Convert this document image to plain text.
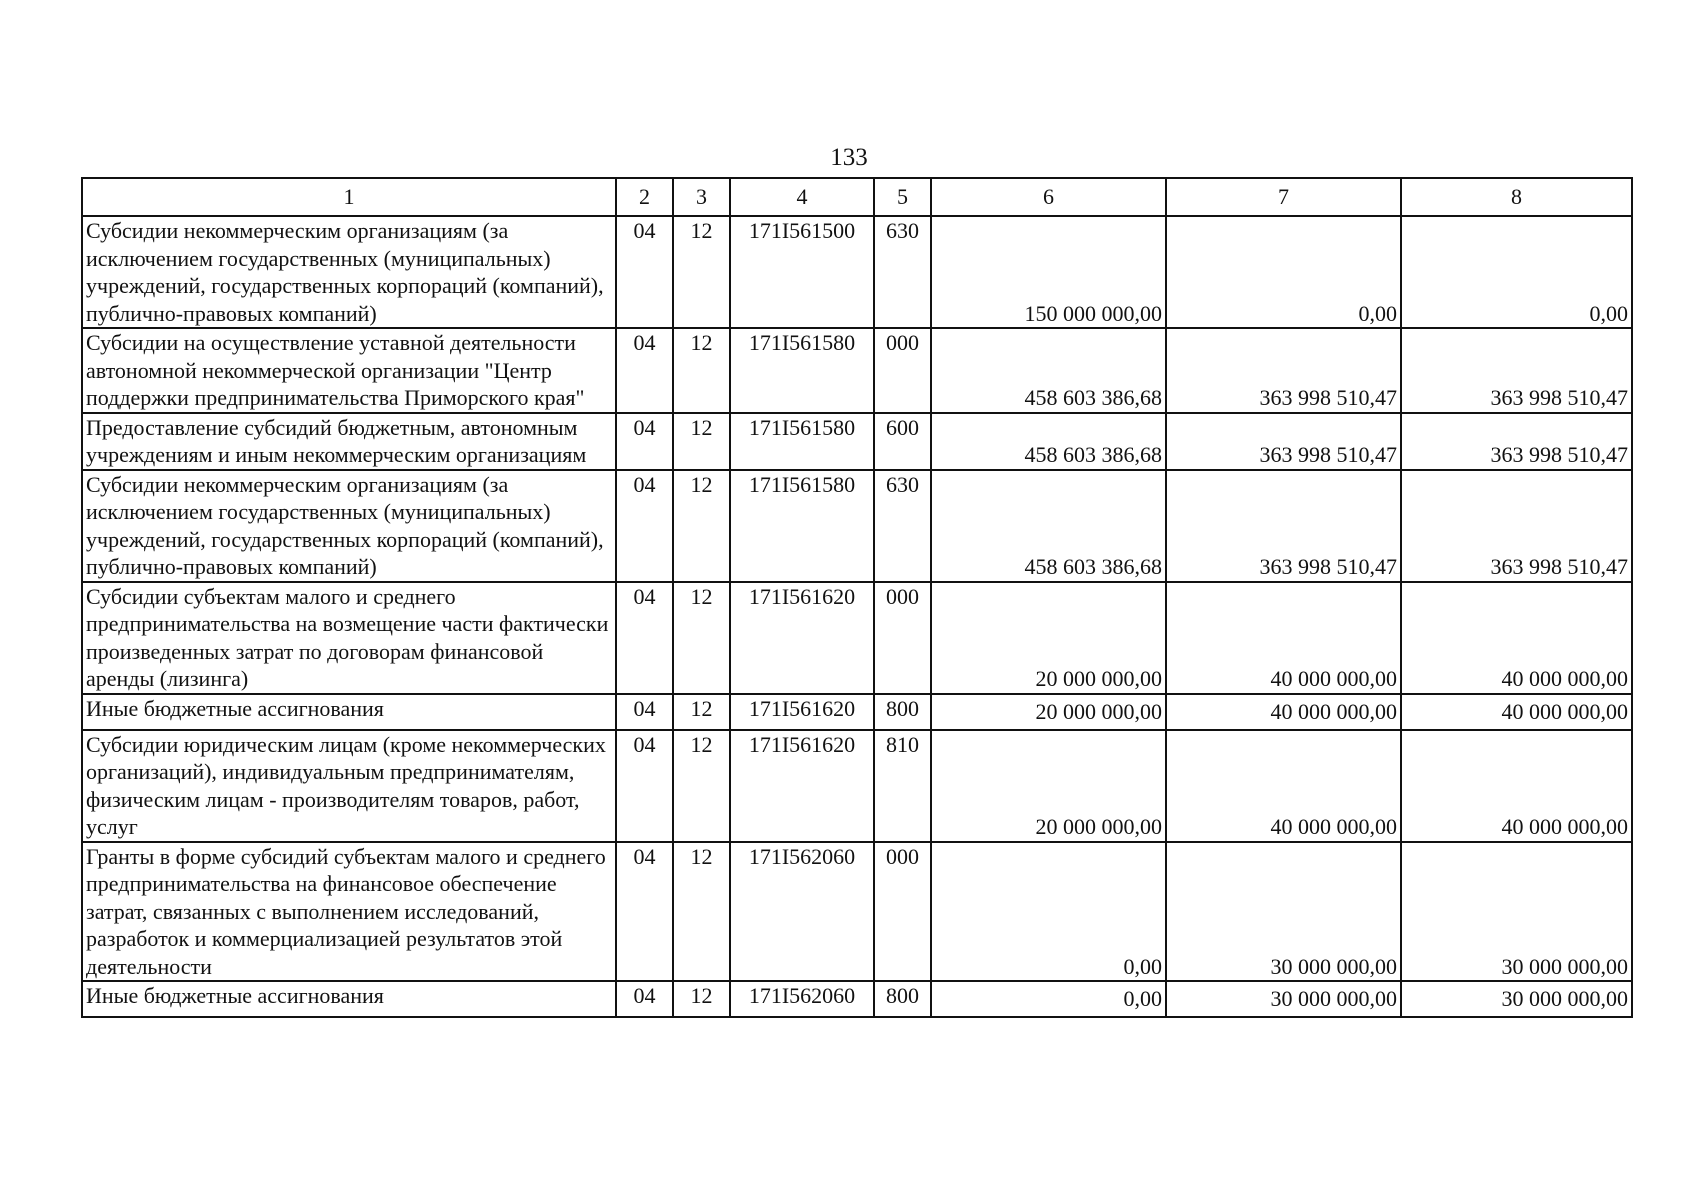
133
1	2	3	4	5	6	7	8
Субсидии некоммерческим организациям (за исключением государственных (муниципальных) учреждений, государственных корпораций (компаний), публично-правовых компаний)	04	12	171I561500	630	150 000 000,00	0,00	0,00
Субсидии на осуществление уставной деятельности автономной некоммерческой организации "Центр поддержки предпринимательства Приморского края"	04	12	171I561580	000	458 603 386,68	363 998 510,47	363 998 510,47
Предоставление субсидий бюджетным, автономным учреждениям и иным некоммерческим организациям	04	12	171I561580	600	458 603 386,68	363 998 510,47	363 998 510,47
Субсидии некоммерческим организациям (за исключением государственных (муниципальных) учреждений, государственных корпораций (компаний), публично-правовых компаний)	04	12	171I561580	630	458 603 386,68	363 998 510,47	363 998 510,47
Субсидии субъектам малого и среднего предпринимательства на возмещение части фактически произведенных затрат по договорам финансовой аренды (лизинга)	04	12	171I561620	000	20 000 000,00	40 000 000,00	40 000 000,00
Иные бюджетные ассигнования	04	12	171I561620	800	20 000 000,00	40 000 000,00	40 000 000,00
Субсидии юридическим лицам (кроме некоммерческих организаций), индивидуальным предпринимателям, физическим лицам - производителям товаров, работ, услуг	04	12	171I561620	810	20 000 000,00	40 000 000,00	40 000 000,00
Гранты в форме субсидий субъектам малого и среднего предпринимательства на финансовое обеспечение затрат, связанных с выполнением исследований, разработок и коммерциализацией результатов этой деятельности	04	12	171I562060	000	0,00	30 000 000,00	30 000 000,00
Иные бюджетные ассигнования	04	12	171I562060	800	0,00	30 000 000,00	30 000 000,00
